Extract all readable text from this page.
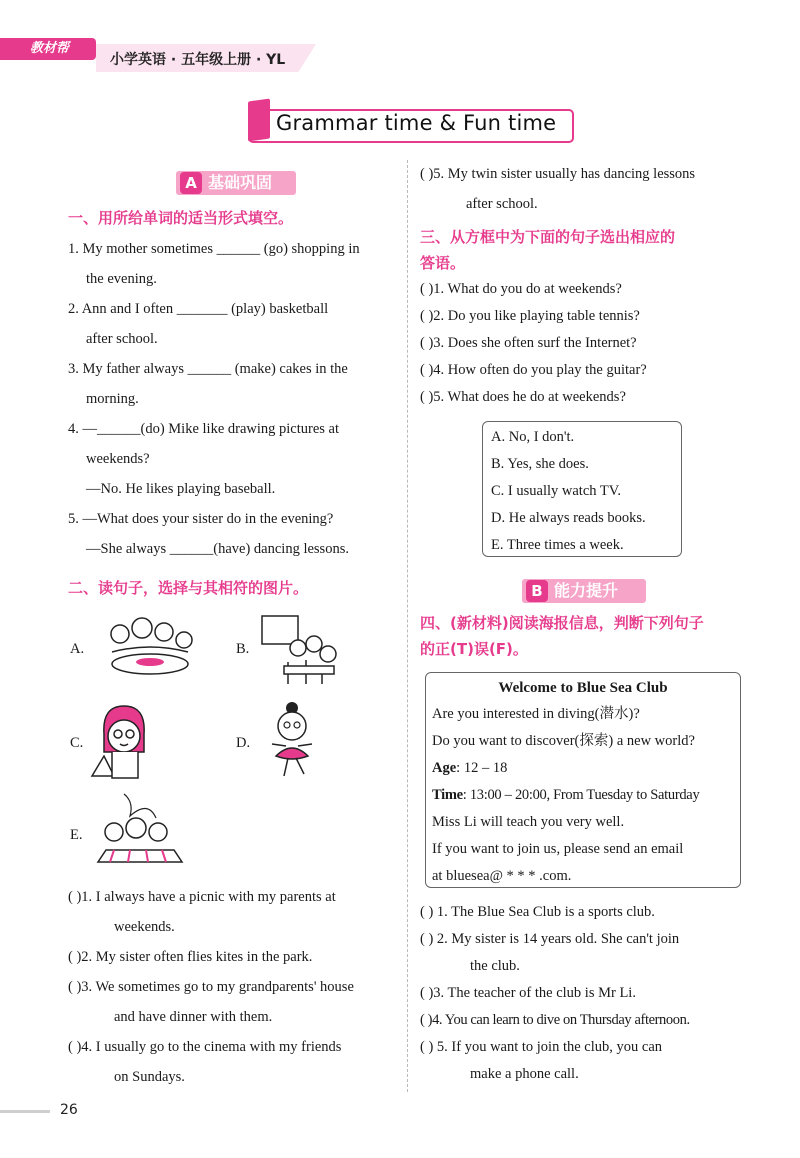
教材帮
小学英语 · 五年级上册 · YL
Grammar time & Fun time
A 基础巩固
一、用所给单词的适当形式填空。
1. My mother sometimes ______ (go) shopping in
the evening.
2. Ann and I often _______ (play) basketball
after school.
3. My father always ______ (make) cakes in the
morning.
4. —______(do) Mike like drawing pictures at
weekends?
—No. He likes playing baseball.
5. —What does your sister do in the evening?
—She always ______(have) dancing lessons.
二、读句子，选择与其相符的图片。
A.	B.
C.	D.
E.
( )1. I always have a picnic with my parents at
weekends.
( )2. My sister often flies kites in the park.
( )3. We sometimes go to my grandparents' house
and have dinner with them.
( )4. I usually go to the cinema with my friends
on Sundays.
( )5. My twin sister usually has dancing lessons
after school.
三、从方框中为下面的句子选出相应的
答语。
( )1. What do you do at weekends?
( )2. Do you like playing table tennis?
( )3. Does she often surf the Internet?
( )4. How often do you play the guitar?
( )5. What does he do at weekends?
A. No, I don't.
B. Yes, she does.
C. I usually watch TV.
D. He always reads books.
E. Three times a week.
B 能力提升
四、(新材料)阅读海报信息，判断下列句子
的正(T)误(F)。
Welcome to Blue Sea Club
Are you interested in diving(潜水)?
Do you want to discover(探索) a new world?
Age: 12 – 18
Time: 13:00 – 20:00, From Tuesday to Saturday
Miss Li will teach you very well.
If you want to join us, please send an email
at bluesea@ * * * .com.
( ) 1. The Blue Sea Club is a sports club.
( ) 2. My sister is 14 years old. She can't join
the club.
( )3. The teacher of the club is Mr Li.
( )4. You can learn to dive on Thursday afternoon.
( ) 5. If you want to join the club, you can
make a phone call.
26
